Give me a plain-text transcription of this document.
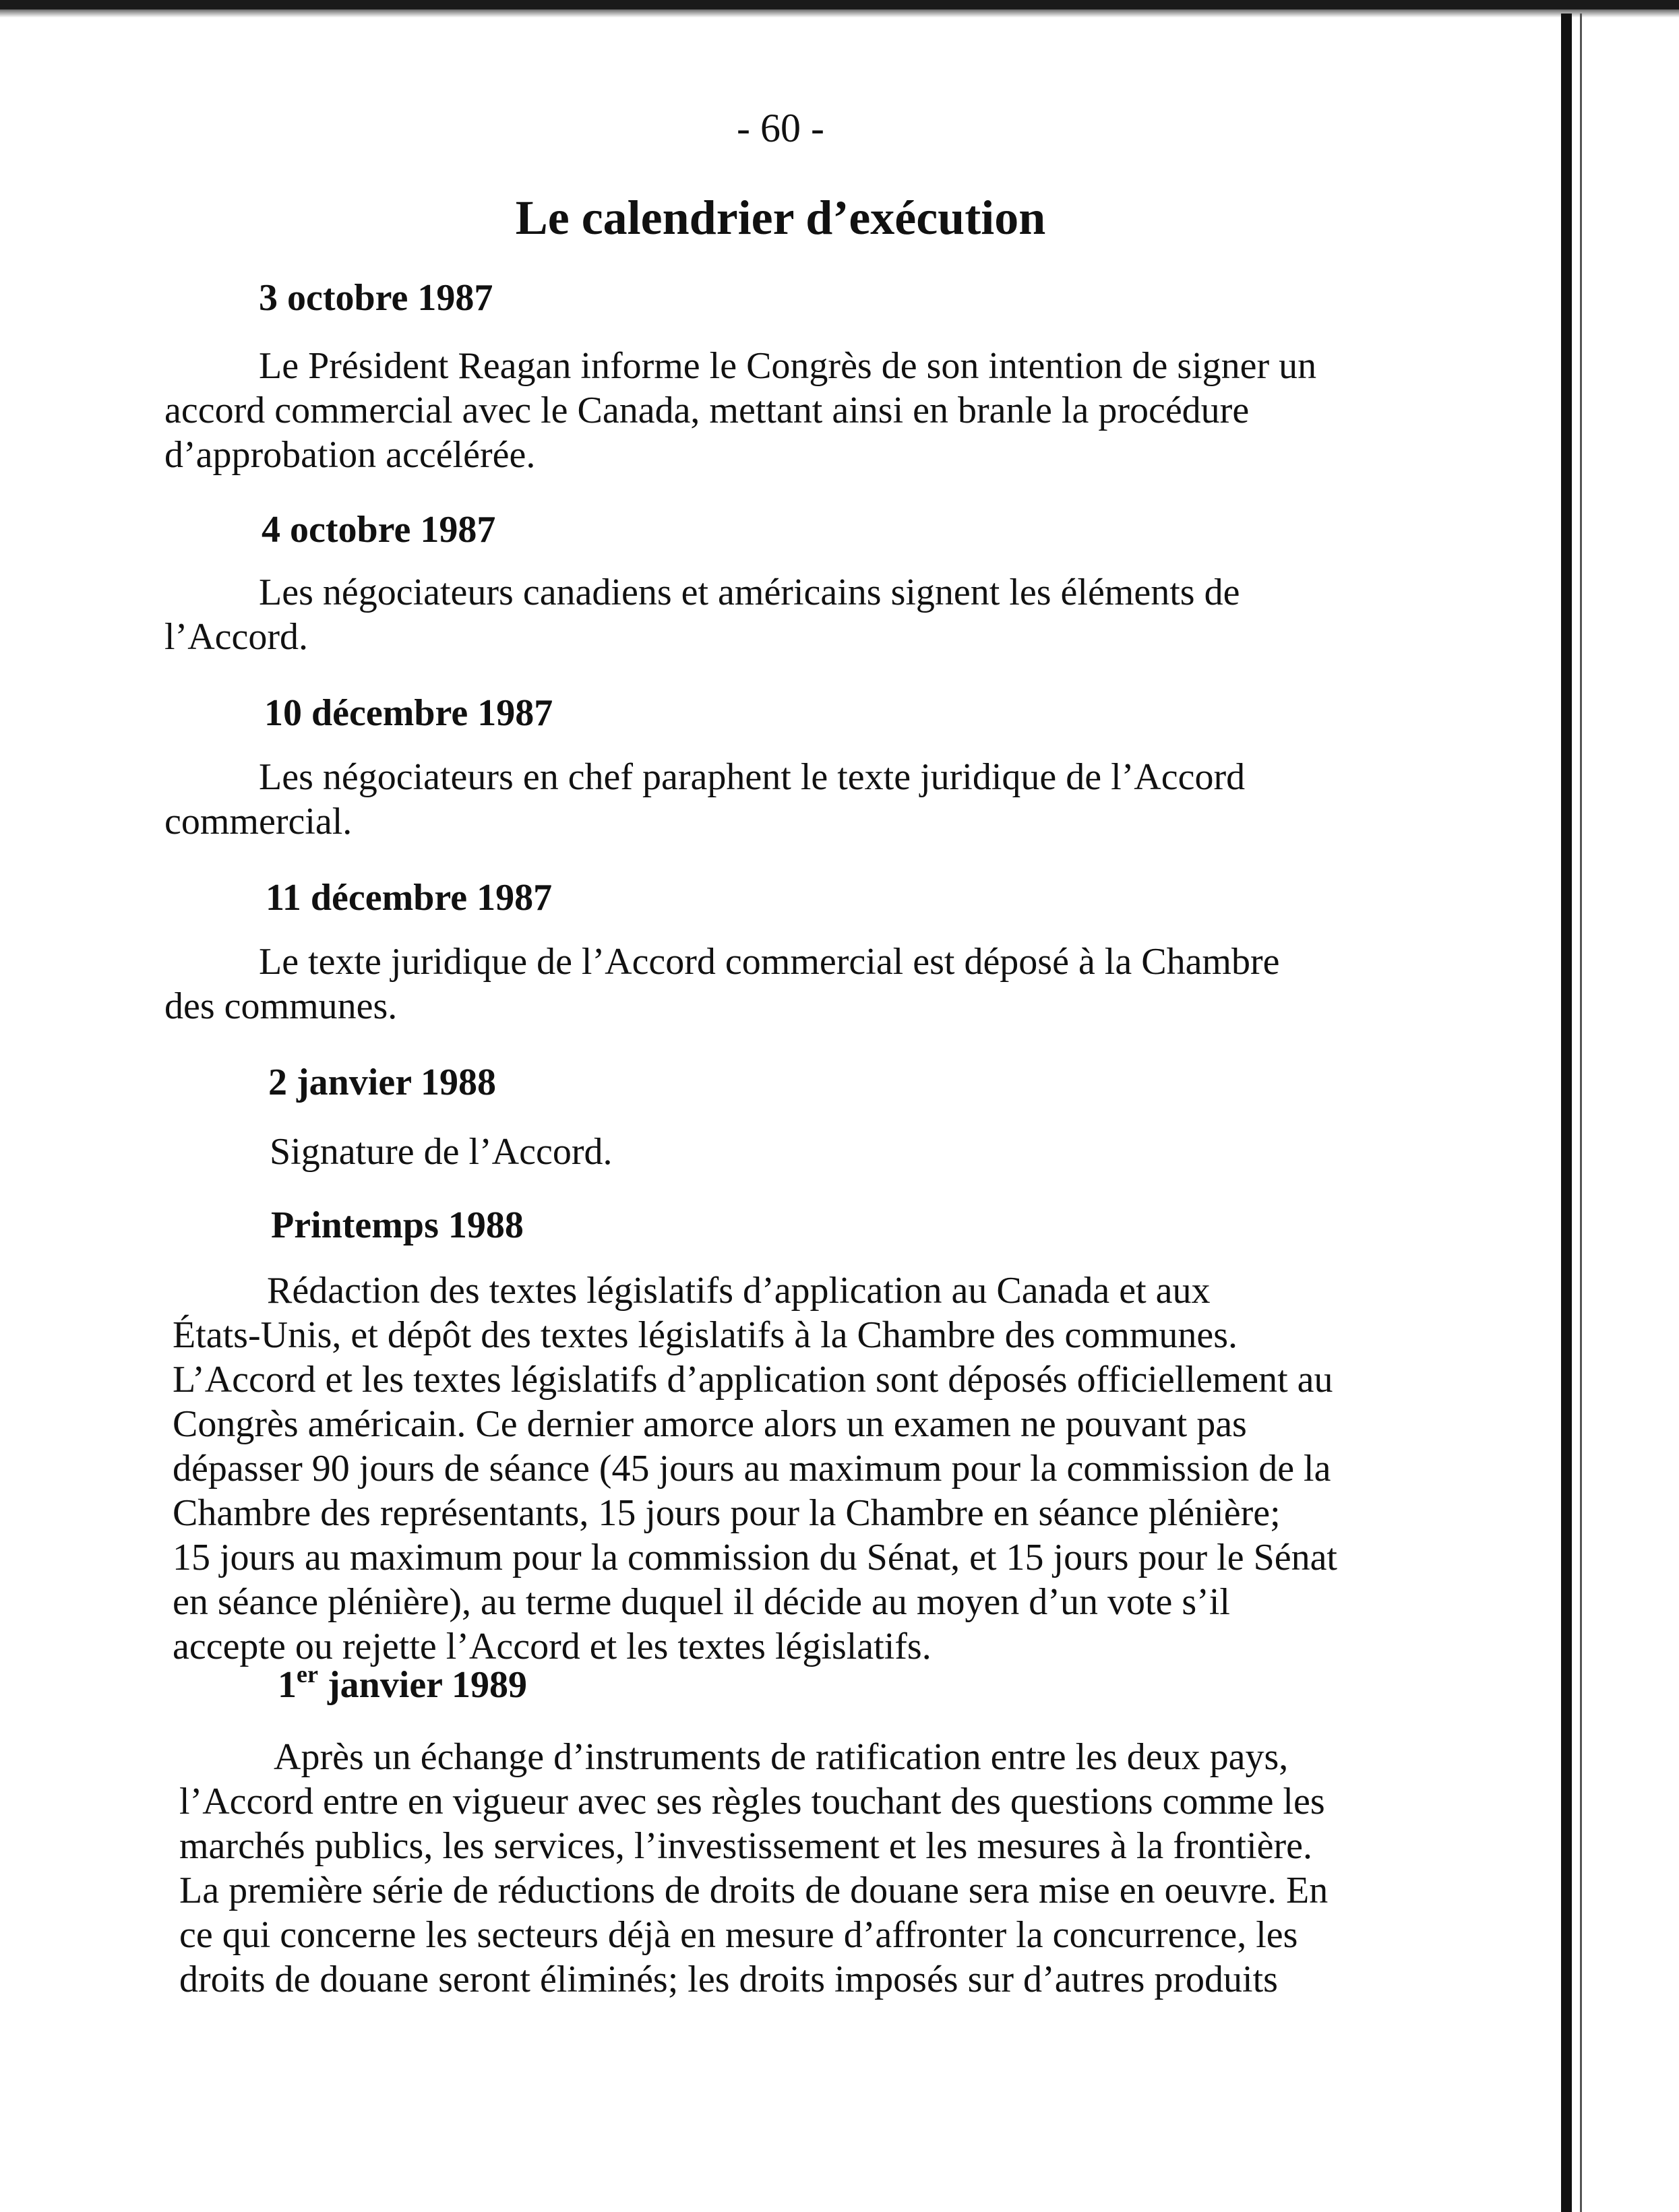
- 60 -
Le calendrier d’exécution
3 octobre 1987
Le Président Reagan informe le Congrès de son intention de signer un
accord commercial avec le Canada, mettant ainsi en branle la procédure
d’approbation accélérée.
4 octobre 1987
Les négociateurs canadiens et américains signent les éléments de
l’Accord.
10 décembre 1987
Les négociateurs en chef paraphent le texte juridique de l’Accord
commercial.
11 décembre 1987
Le texte juridique de l’Accord commercial est déposé à la Chambre
des communes.
2 janvier 1988
Signature de l’Accord.
Printemps 1988
Rédaction des textes législatifs d’application au Canada et aux
États-Unis, et dépôt des textes législatifs à la Chambre des communes.
L’Accord et les textes législatifs d’application sont déposés officiellement au
Congrès américain. Ce dernier amorce alors un examen ne pouvant pas
dépasser 90 jours de séance (45 jours au maximum pour la commission de la
Chambre des représentants, 15 jours pour la Chambre en séance plénière;
15 jours au maximum pour la commission du Sénat, et 15 jours pour le Sénat
en séance plénière), au terme duquel il décide au moyen d’un vote s’il
accepte ou rejette l’Accord et les textes législatifs.
1er janvier 1989
Après un échange d’instruments de ratification entre les deux pays,
l’Accord entre en vigueur avec ses règles touchant des questions comme les
marchés publics, les services, l’investissement et les mesures à la frontière.
La première série de réductions de droits de douane sera mise en oeuvre. En
ce qui concerne les secteurs déjà en mesure d’affronter la concurrence, les
droits de douane seront éliminés; les droits imposés sur d’autres produits
